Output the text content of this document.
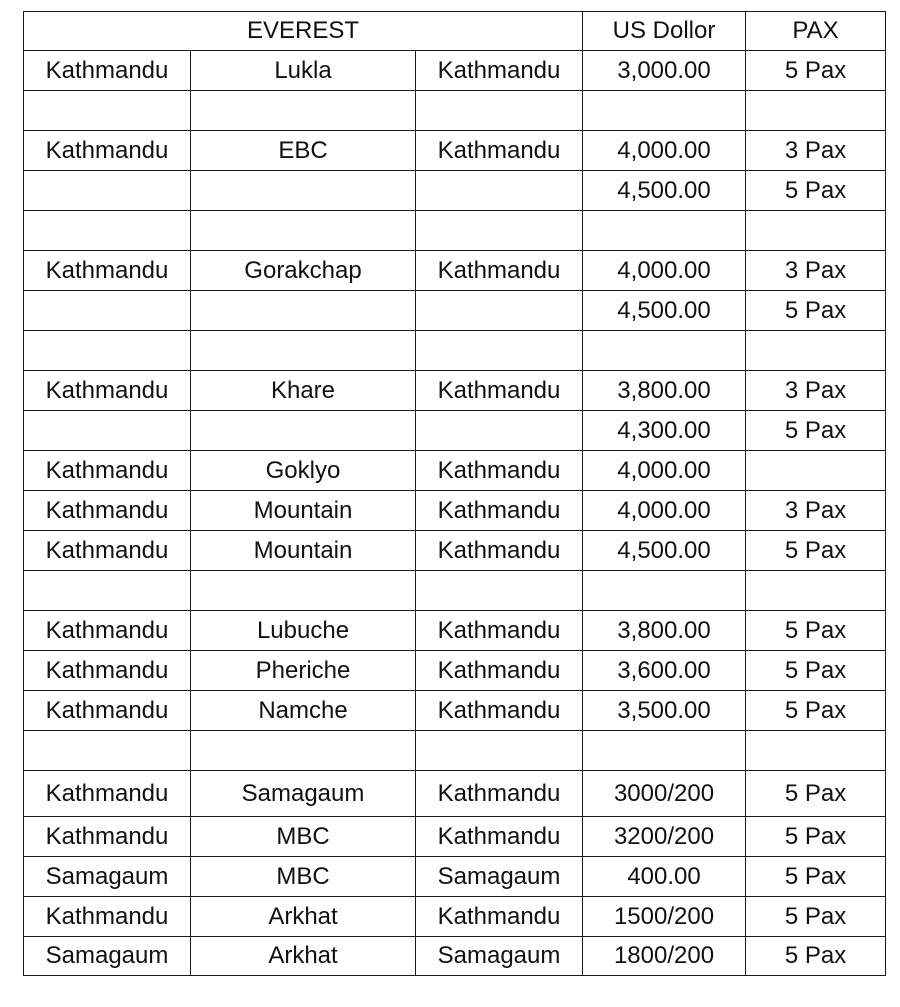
EVEREST			US Dollor	PAX
Kathmandu	Lukla	Kathmandu	3,000.00	5 Pax

Kathmandu	EBC	Kathmandu	4,000.00	3 Pax
			4,500.00	5 Pax

Kathmandu	Gorakchap	Kathmandu	4,000.00	3 Pax
			4,500.00	5 Pax

Kathmandu	Khare	Kathmandu	3,800.00	3 Pax
			4,300.00	5 Pax
Kathmandu	Goklyo	Kathmandu	4,000.00	
Kathmandu	Mountain	Kathmandu	4,000.00	3 Pax
Kathmandu	Mountain	Kathmandu	4,500.00	5 Pax

Kathmandu	Lubuche	Kathmandu	3,800.00	5 Pax
Kathmandu	Pheriche	Kathmandu	3,600.00	5 Pax
Kathmandu	Namche	Kathmandu	3,500.00	5 Pax

Kathmandu	Samagaum	Kathmandu	3000/200	5 Pax
Kathmandu	MBC	Kathmandu	3200/200	5 Pax
Samagaum	MBC	Samagaum	400.00	5 Pax
Kathmandu	Arkhat	Kathmandu	1500/200	5 Pax
Samagaum	Arkhat	Samagaum	1800/200	5 Pax
